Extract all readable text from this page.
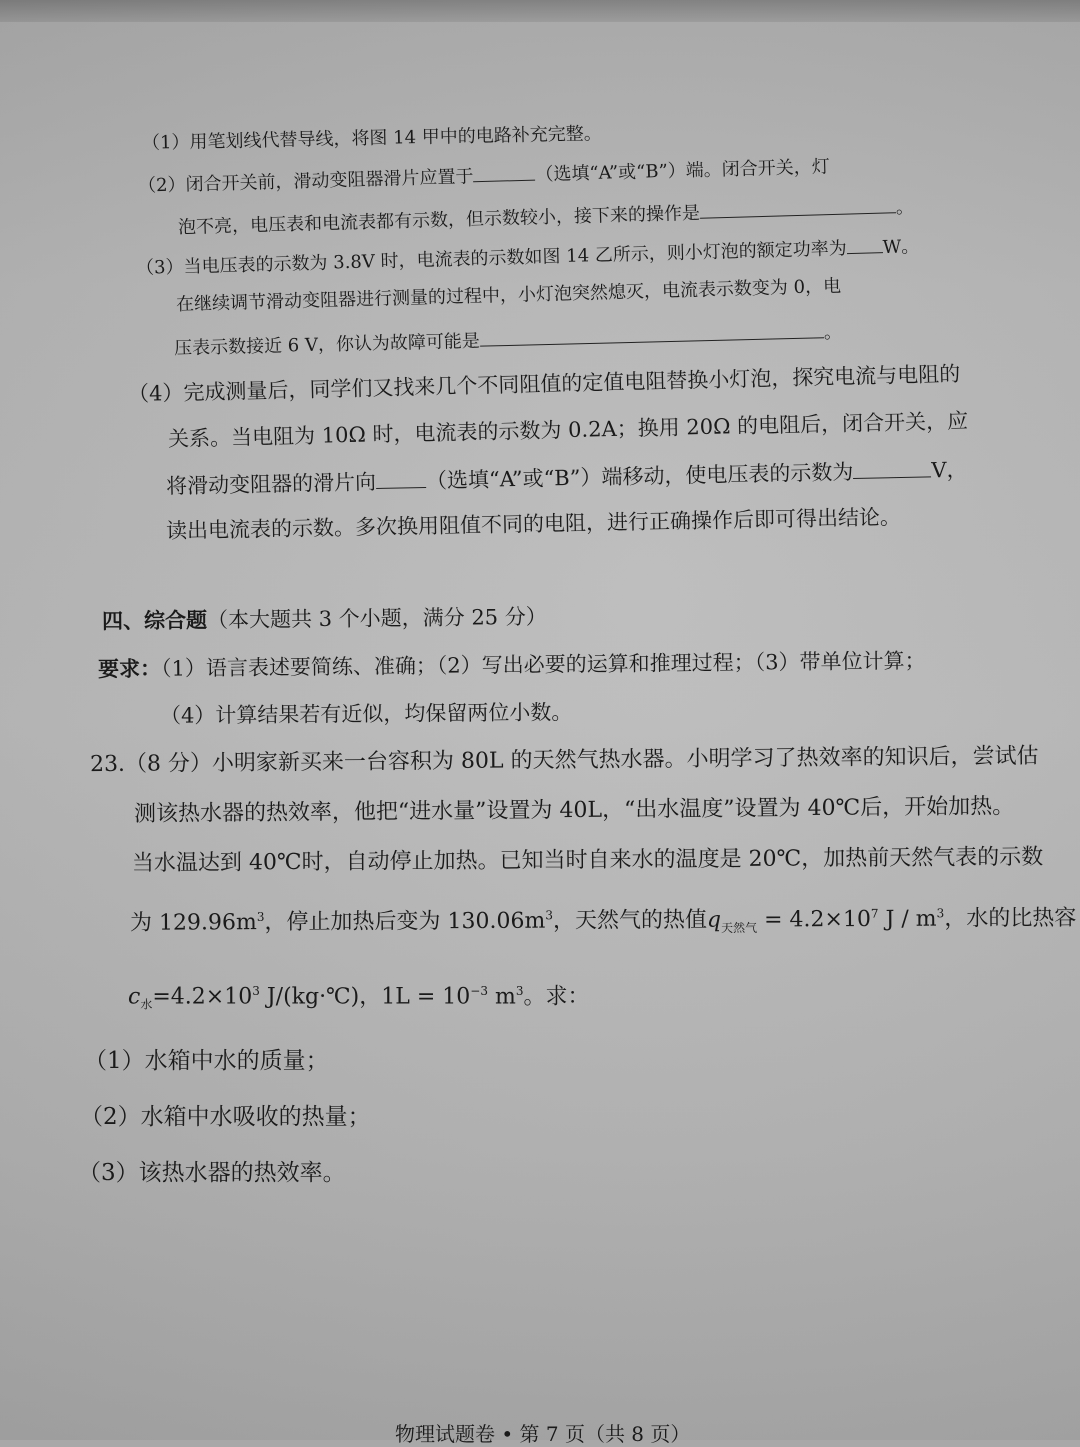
（1）用笔划线代替导线，将图 14 甲中的电路补充完整。
（2）闭合开关前，滑动变阻器滑片应置于	（选填“A”或“B”）端。闭合开关，灯
泡不亮，电压表和电流表都有示数，但示数较小，接下来的操作是	。
（3）当电压表的示数为 3.8V 时，电流表的示数如图 14 乙所示，则小灯泡的额定功率为 W。
在继续调节滑动变阻器进行测量的过程中，小灯泡突然熄灭，电流表示数变为 0，电
压表示数接近 6 V，你认为故障可能是	。
（4）完成测量后，同学们又找来几个不同阻值的定值电阻替换小灯泡，探究电流与电阻的
关系。当电阻为 10Ω 时，电流表的示数为 0.2A；换用 20Ω 的电阻后，闭合开关，应
将滑动变阻器的滑片向 （选填“A”或“B”）端移动，使电压表的示数为	V，
读出电流表的示数。多次换用阻值不同的电阻，进行正确操作后即可得出结论。
四、综合题（本大题共 3 个小题，满分 25 分）
要求：（1）语言表述要简练、准确；（2）写出必要的运算和推理过程；（3）带单位计算；
（4）计算结果若有近似，均保留两位小数。
23.（8 分）小明家新买来一台容积为 80L 的天然气热水器。小明学习了热效率的知识后，尝试估
测该热水器的热效率，他把“进水量”设置为 40L，“出水温度”设置为 40℃后，开始加热。
当水温达到 40℃时，自动停止加热。已知当时自来水的温度是 20℃，加热前天然气表的示数
为 $129.96m^3$，停止加热后变为 $130.06m^3$，天然气的热值$q_{天然气} = 4.2\times 10^7$ J / $m^3$，水的比热容
$c_水=4.2\times 10^3$ J/(kg·℃)，$1L = 10^{-3}$ $m^3$。求：
（1）水箱中水的质量；
（2）水箱中水吸收的热量；
（3）该热水器的热效率。
物理试题卷 • 第 7 页（共 8 页）
